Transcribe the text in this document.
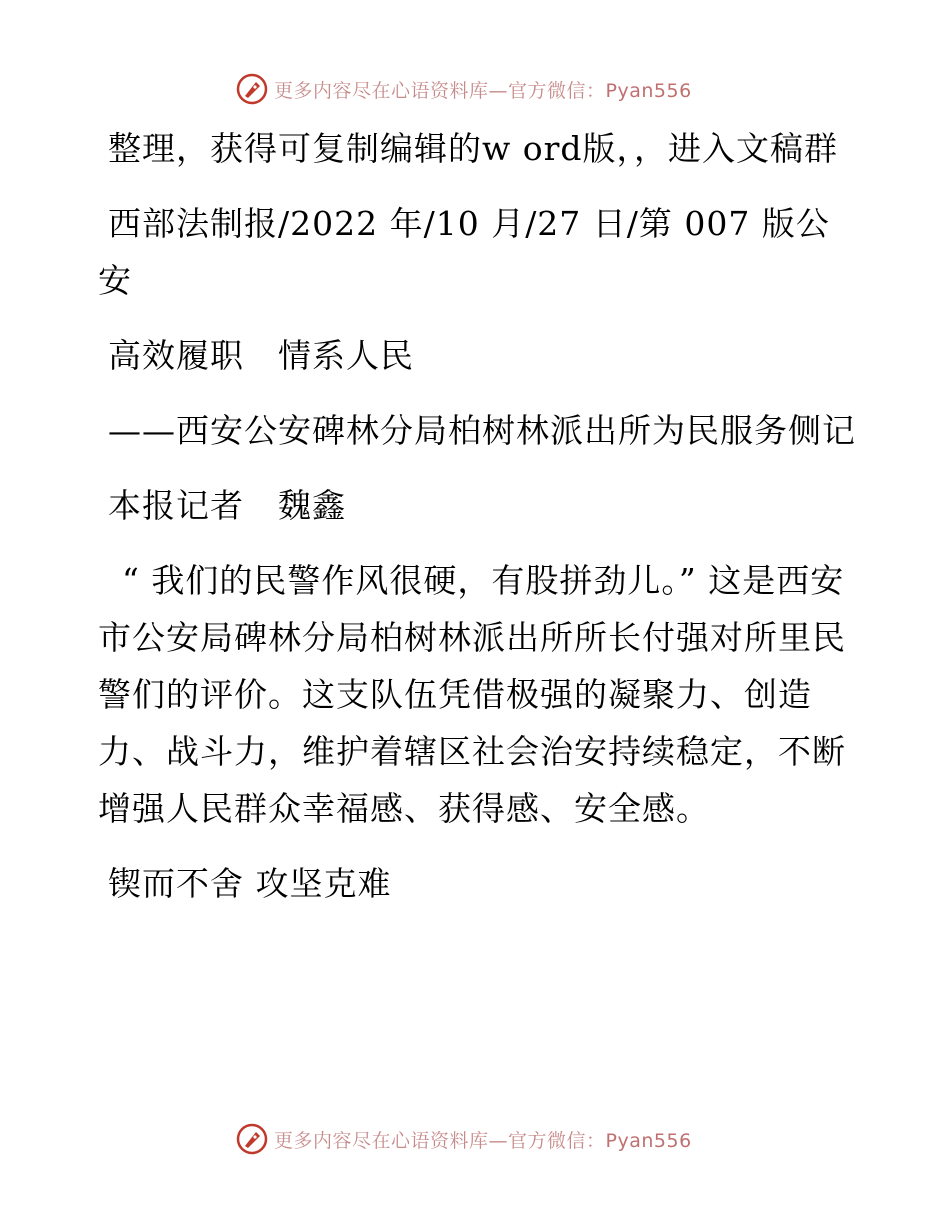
更多内容尽在心语资料库—官方微信：Pyan556

整理，获得可复制编辑的w ord版，，进入文稿群

西部法制报/2022 年/10 月/27 日/第 007 版公安

高效履职　情系人民

——西安公安碑林分局柏树林派出所为民服务侧记

本报记者　魏鑫

“ 我们的民警作风很硬，有股拼劲儿。” 这是西安市公安局碑林分局柏树林派出所所长付强对所里民警们的评价。这支队伍凭借极强的凝聚力、创造力、战斗力，维护着辖区社会治安持续稳定，不断增强人民群众幸福感、获得感、安全感。

锲而不舍 攻坚克难

更多内容尽在心语资料库—官方微信：Pyan556
